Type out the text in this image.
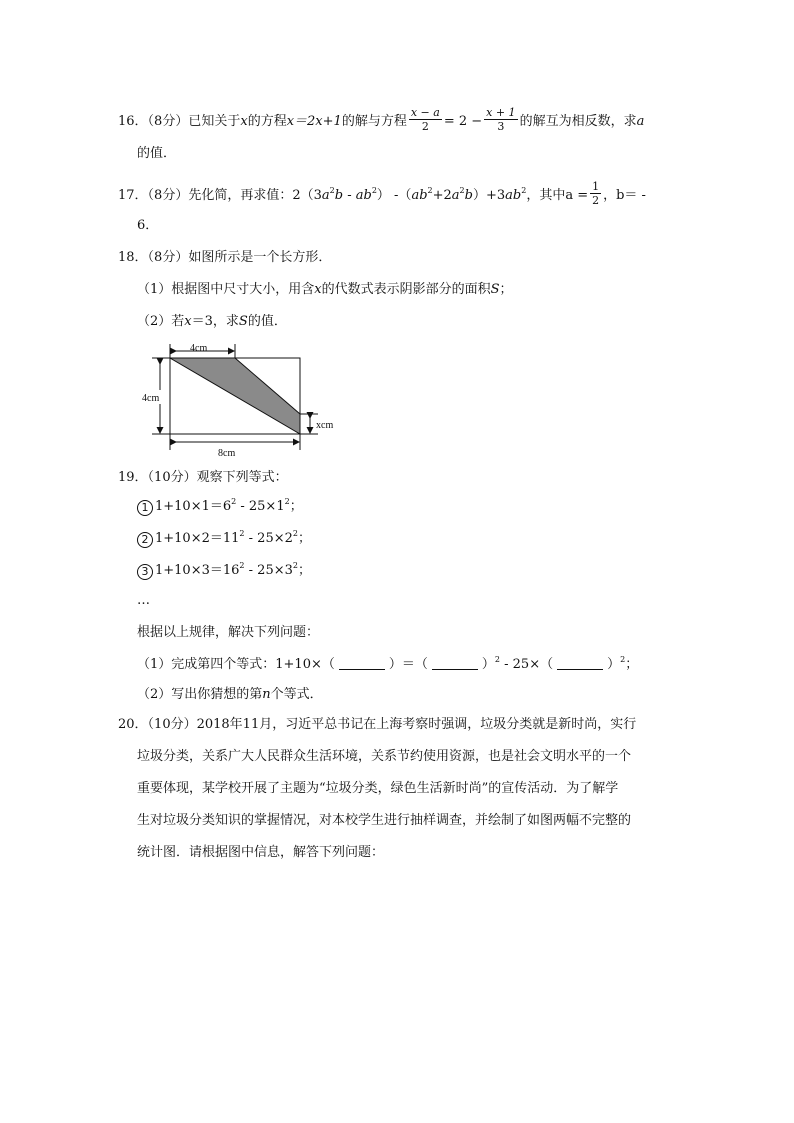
16．（8分）已知关于x的方程x＝2x+1的解与方程 $\frac{x - a}{2} = 2 - \frac{x + 1}{3}$ 的解互为相反数，求a
的值．
17．（8分）先化简，再求值：$2(3a^2b - ab^2)$ $-(ab^2+2a^2b)+3ab^2$，其中$a = \frac{1}{2}$ ，b＝ -
6．
18．（8分）如图所示是一个长方形．
（1）根据图中尺寸大小，用含x的代数式表示阴影部分的面积S；
（2）若x＝3，求S的值．
4cm
4cm
8cm
xcm
19．（10分）观察下列等式：
1 $1+10\times 1=6^2 - 25\times 1^2$；
2 $1+10\times 2=11^2 - 25\times 2^2$；
3 $1+10\times 3=16^2 - 25\times 3^2$；
…
根据以上规律，解决下列问题：
（1）完成第四个等式：1+10×（	）＝（	）$^2$ - 25×（	）$^2$；
（2）写出你猜想的第n个等式．
20．（10分）2018年11月，习近平总书记在上海考察时强调，垃圾分类就是新时尚，实行
垃圾分类，关系广大人民群众生活环境，关系节约使用资源，也是社会文明水平的一个
重要体现，某学校开展了主题为“垃圾分类，绿色生活新时尚”的宣传活动．为了解学
生对垃圾分类知识的掌握情况，对本校学生进行抽样调查，并绘制了如图两幅不完整的
统计图．请根据图中信息，解答下列问题：
